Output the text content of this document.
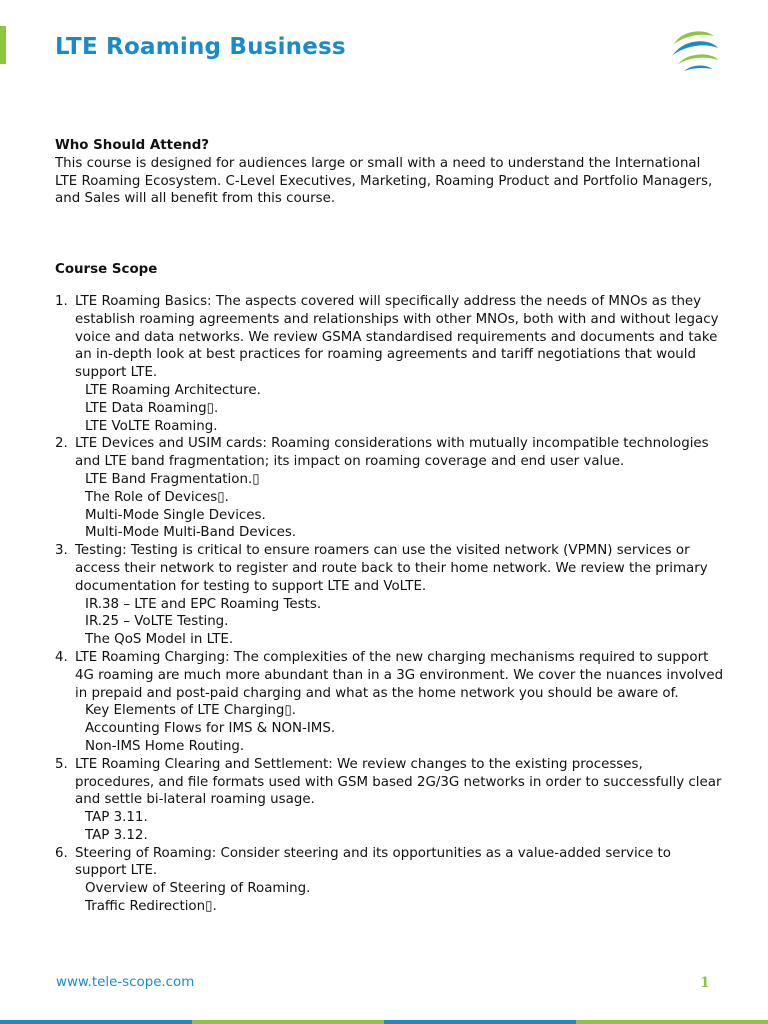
LTE Roaming Business
Who Should Attend?

This course is designed for audiences large or small with a need to understand the International LTE Roaming Ecosystem. C-Level Executives, Marketing, Roaming Product and Portfolio Managers, and Sales will all benefit from this course.

Course Scope
1. LTE Roaming Basics: The aspects covered will specifically address the needs of MNOs as they establish roaming agreements and relationships with other MNOs, both with and without legacy voice and data networks. We review GSMA standardised requirements and documents and take an in-depth look at best practices for roaming agreements and tariff negotiations that would support LTE.
LTE Roaming Architecture.
LTE Data Roaming▯.
LTE VoLTE Roaming.
2. LTE Devices and USIM cards: Roaming considerations with mutually incompatible technologies and LTE band fragmentation; its impact on roaming coverage and end user value.
LTE Band Fragmentation.▯
The Role of Devices▯.
Multi-Mode Single Devices.
Multi-Mode Multi-Band Devices.
3. Testing: Testing is critical to ensure roamers can use the visited network (VPMN) services or access their network to register and route back to their home network. We review the primary documentation for testing to support LTE and VoLTE.
IR.38 – LTE and EPC Roaming Tests.
IR.25 – VoLTE Testing.
The QoS Model in LTE.
4. LTE Roaming Charging: The complexities of the new charging mechanisms required to support 4G roaming are much more abundant than in a 3G environment. We cover the nuances involved in prepaid and post-paid charging and what as the home network you should be aware of.
Key Elements of LTE Charging▯.
Accounting Flows for IMS & NON-IMS.
Non-IMS Home Routing.
5. LTE Roaming Clearing and Settlement: We review changes to the existing processes, procedures, and file formats used with GSM based 2G/3G networks in order to successfully clear and settle bi-lateral roaming usage.
TAP 3.11.
TAP 3.12.
6. Steering of Roaming: Consider steering and its opportunities as a value-added service to support LTE.
Overview of Steering of Roaming.
Traffic Redirection▯.
www.tele-scope.com	1
